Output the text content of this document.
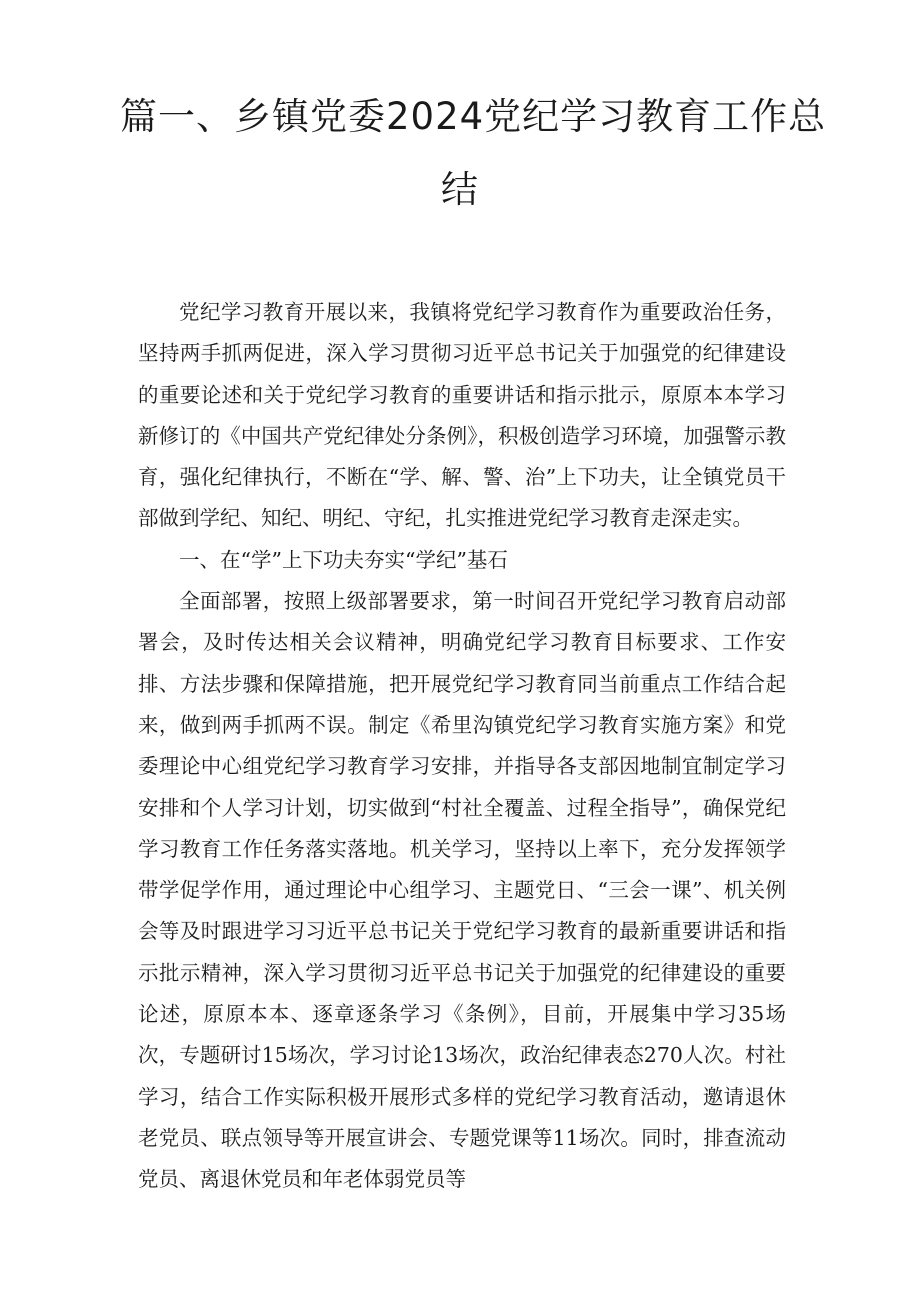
篇一、乡镇党委2024党纪学习教育工作总
结

党纪学习教育开展以来，我镇将党纪学习教育作为重要政治任务，坚持两手抓两促进，深入学习贯彻习近平总书记关于加强党的纪律建设的重要论述和关于党纪学习教育的重要讲话和指示批示，原原本本学习新修订的《中国共产党纪律处分条例》，积极创造学习环境，加强警示教育，强化纪律执行，不断在“学、解、警、治”上下功夫，让全镇党员干部做到学纪、知纪、明纪、守纪，扎实推进党纪学习教育走深走实。

一、在“学”上下功夫夯实“学纪”基石

全面部署，按照上级部署要求，第一时间召开党纪学习教育启动部署会，及时传达相关会议精神，明确党纪学习教育目标要求、工作安排、方法步骤和保障措施，把开展党纪学习教育同当前重点工作结合起来，做到两手抓两不误。制定《希里沟镇党纪学习教育实施方案》和党委理论中心组党纪学习教育学习安排，并指导各支部因地制宜制定学习安排和个人学习计划，切实做到“村社全覆盖、过程全指导”，确保党纪学习教育工作任务落实落地。机关学习，坚持以上率下，充分发挥领学带学促学作用，通过理论中心组学习、主题党日、“三会一课”、机关例会等及时跟进学习习近平总书记关于党纪学习教育的最新重要讲话和指示批示精神，深入学习贯彻习近平总书记关于加强党的纪律建设的重要论述，原原本本、逐章逐条学习《条例》，目前，开展集中学习35场次，专题研讨15场次，学习讨论13场次，政治纪律表态270人次。村社学习，结合工作实际积极开展形式多样的党纪学习教育活动，邀请退休老党员、联点领导等开展宣讲会、专题党课等11场次。同时，排查流动党员、离退休党员和年老体弱党员等
